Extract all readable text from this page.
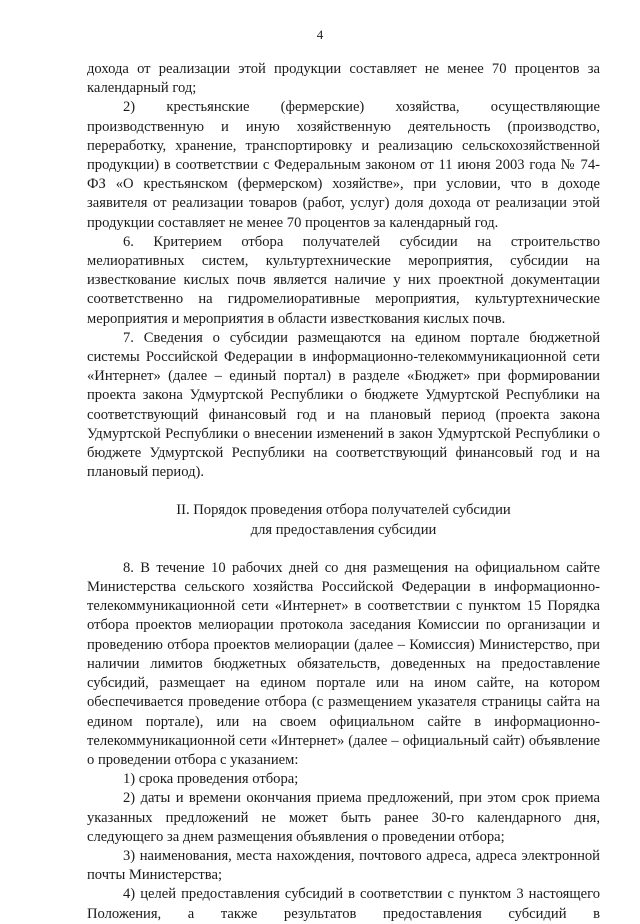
4

дохода от реализации этой продукции составляет не менее 70 процентов за календарный год;

2) крестьянские (фермерские) хозяйства, осуществляющие производственную и иную хозяйственную деятельность (производство, переработку, хранение, транспортировку и реализацию сельскохозяйственной продукции) в соответствии с Федеральным законом от 11 июня 2003 года № 74-ФЗ «О крестьянском (фермерском) хозяйстве», при условии, что в доходе заявителя от реализации товаров (работ, услуг) доля дохода от реализации этой продукции составляет не менее 70 процентов за календарный год.

6. Критерием отбора получателей субсидии на строительство мелиоративных систем, культуртехнические мероприятия, субсидии на известкование кислых почв является наличие у них проектной документации соответственно на гидромелиоративные мероприятия, культуртехнические мероприятия и мероприятия в области известкования кислых почв.

7. Сведения о субсидии размещаются на едином портале бюджетной системы Российской Федерации в информационно-телекоммуникационной сети «Интернет» (далее – единый портал) в разделе «Бюджет» при формировании проекта закона Удмуртской Республики о бюджете Удмуртской Республики на соответствующий финансовый год и на плановый период (проекта закона Удмуртской Республики о внесении изменений в закон Удмуртской Республики о бюджете Удмуртской Республики на соответствующий финансовый год и на плановый период).

II. Порядок проведения отбора получателей субсидии
для предоставления субсидии

8. В течение 10 рабочих дней со дня размещения на официальном сайте Министерства сельского хозяйства Российской Федерации в информационно-телекоммуникационной сети «Интернет» в соответствии с пунктом 15 Порядка отбора проектов мелиорации протокола заседания Комиссии по организации и проведению отбора проектов мелиорации (далее – Комиссия) Министерство, при наличии лимитов бюджетных обязательств, доведенных на предоставление субсидий, размещает на едином портале или на ином сайте, на котором обеспечивается проведение отбора (с размещением указателя страницы сайта на едином портале), или на своем официальном сайте в информационно-телекоммуникационной сети «Интернет» (далее – официальный сайт) объявление о проведении отбора с указанием:

1) срока проведения отбора;

2) даты и времени окончания приема предложений, при этом срок приема указанных предложений не может быть ранее 30-го календарного дня, следующего за днем размещения объявления о проведении отбора;

3) наименования, места нахождения, почтового адреса, адреса электронной почты Министерства;

4) целей предоставления субсидий в соответствии с пунктом 3 настоящего Положения, а также результатов предоставления субсидий в
